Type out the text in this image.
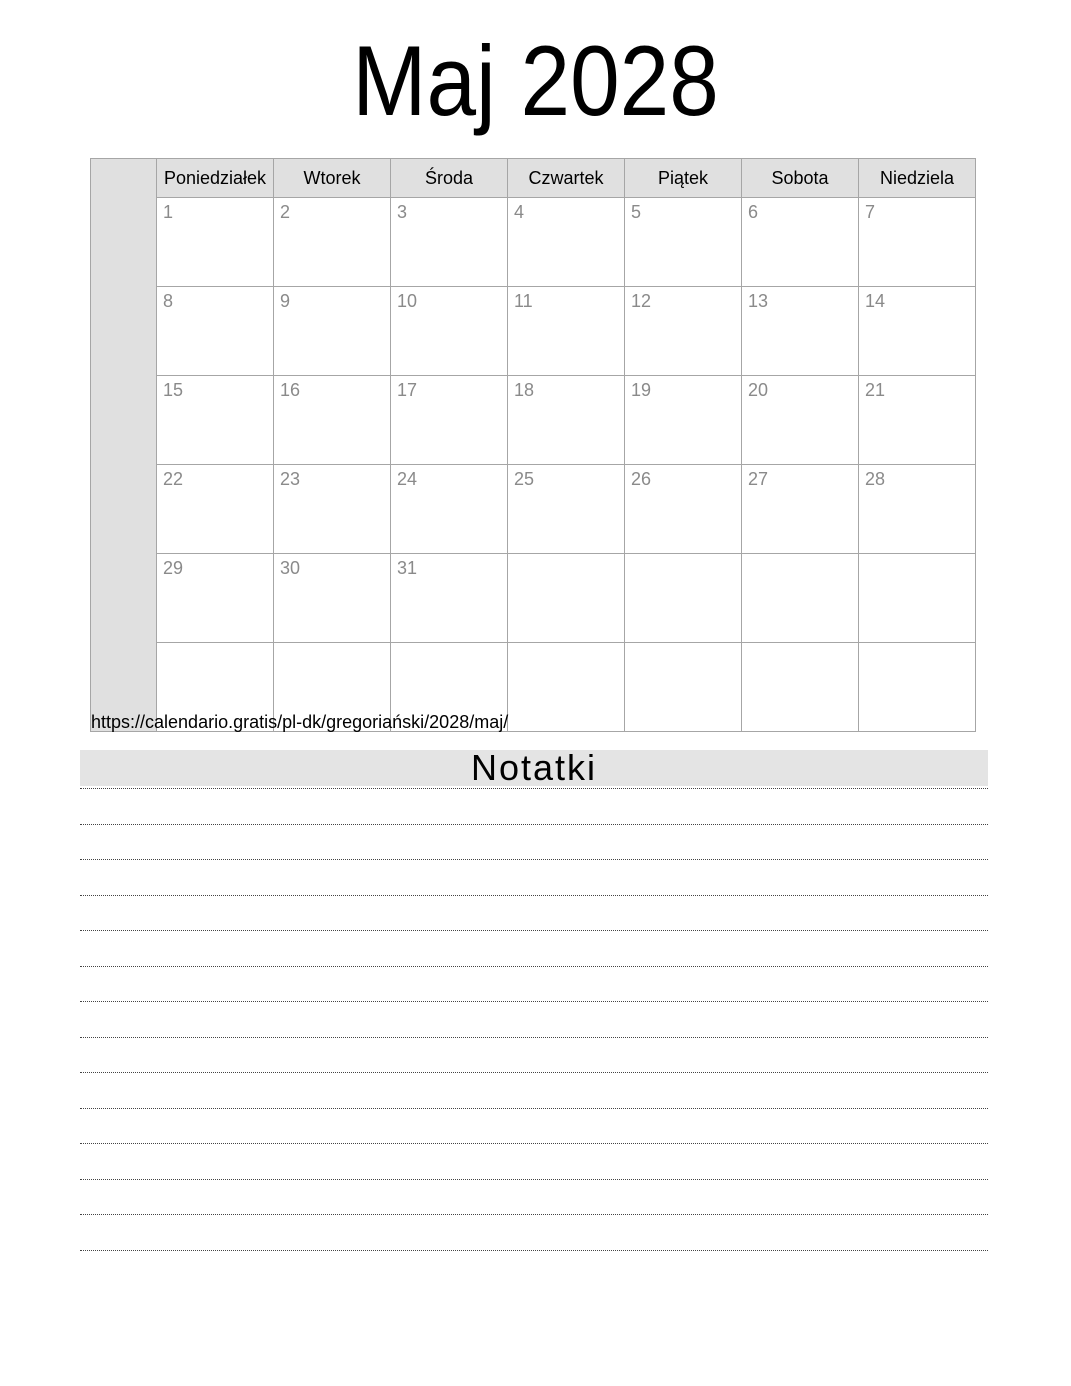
Maj 2028
	Poniedziałek	Wtorek	Środa	Czwartek	Piątek	Sobota	Niedziela
	1	2	3	4	5	6	7
	8	9	10	11	12	13	14
	15	16	17	18	19	20	21
	22	23	24	25	26	27	28
	29	30	31				

https://calendario.gratis/pl-dk/gregoriański/2028/maj/
Notatki
